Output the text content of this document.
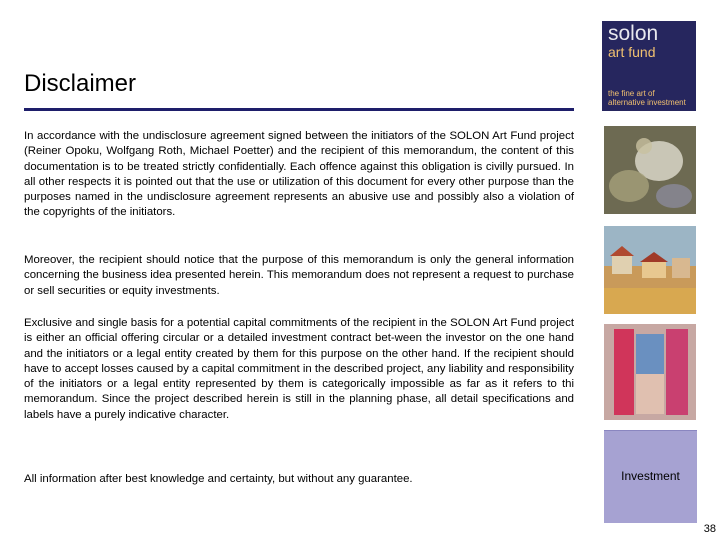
Disclaimer
In accordance with the undisclosure agreement signed between the initiators of the SOLON Art Fund project (Reiner Opoku, Wolfgang Roth, Michael Poetter) and the recipient of this memorandum, the content of this documentation is to be treated strictly confidentially. Each offence against this obligation is civilly pursued. In all other respects it is pointed out that the use or utilization of this document for every other purpose than the purposes named in the undisclosure agreement represents an abusive use and possibly also a violation of the copyrights of the initiators.
Moreover, the recipient should notice that the purpose of this memorandum is only the general information concerning the business idea presented herein. This memorandum does not represent a request to purchase or sell securities or equity investments.
Exclusive and single basis for a potential capital commitments of the recipient in the SOLON Art Fund project is either an official offering circular or a detailed investment contract bet-ween the investor on the one hand and the initiators or a legal entity created by them for this purpose on the other hand. If the recipient should have to accept losses caused by a capital commitment in the described project, any liability and responsibility of the initiators or a legal entity represented by them is categorically impossible as far as it refers to thi memorandum. Since the project described herein is still in the planning phase, all detail specifications and labels have a purely indicative character.
All information after best knowledge and certainty, but without any guarantee.
solon
art fund
the fine art of
alternative investment
Investment
38
